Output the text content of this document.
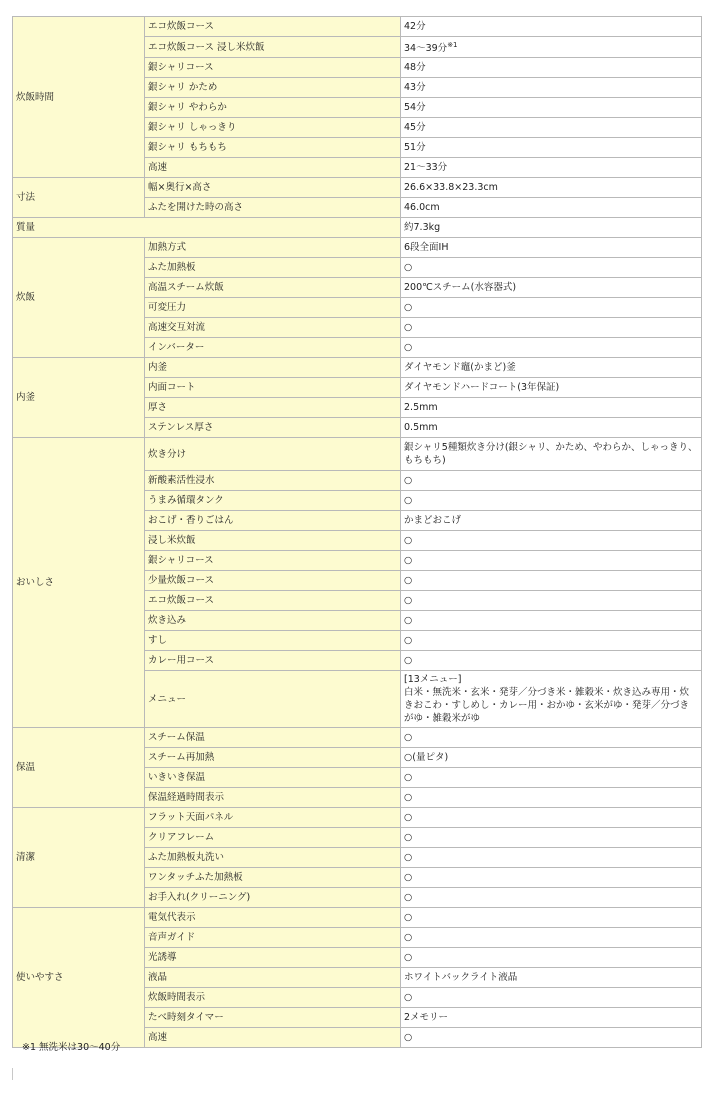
炊飯時間	エコ炊飯コース	42分
	エコ炊飯コース 浸し米炊飯	34〜39分$^{※1}$
	銀シャリコース	48分
	銀シャリ かため	43分
	銀シャリ やわらか	54分
	銀シャリ しゃっきり	45分
	銀シャリ もちもち	51分
	高速	21〜33分
寸法	幅×奥行×高さ	26.6×33.8×23.3cm
	ふたを開けた時の高さ	46.0cm
質量		約7.3kg
炊飯	加熱方式	6段全面IH
	ふた加熱板	○
	高温スチーム炊飯	200℃スチーム(水容器式)
	可変圧力	○
	高速交互対流	○
	インバーター	○
内釜	内釜	ダイヤモンド竈(かまど)釜
	内面コート	ダイヤモンドハードコート(3年保証)
	厚さ	2.5mm
	ステンレス厚さ	0.5mm
おいしさ	炊き分け	銀シャリ5種類炊き分け(銀シャリ、かため、やわらか、しゃっきり、もちもち)
	新酸素活性浸水	○
	うまみ循環タンク	○
	おこげ・香りごはん	かまどおこげ
	浸し米炊飯	○
	銀シャリコース	○
	少量炊飯コース	○
	エコ炊飯コース	○
	炊き込み	○
	すし	○
	カレー用コース	○
	メニュー	[13メニュー]
白米・無洗米・玄米・発芽／分づき米・雑穀米・炊き込み専用・炊きおこわ・すしめし・カレー用・おかゆ・玄米がゆ・発芽／分づきがゆ・雑穀米がゆ
保温	スチーム保温	○
	スチーム再加熱	○(量ピタ)
	いきいき保温	○
	保温経過時間表示	○
清潔	フラット天面パネル	○
	クリアフレーム	○
	ふた加熱板丸洗い	○
	ワンタッチふた加熱板	○
	お手入れ(クリーニング)	○
使いやすさ	電気代表示	○
	音声ガイド	○
	光誘導	○
	液晶	ホワイトバックライト液晶
	炊飯時間表示	○
	たべ時刻タイマー	2メモリー
	高速	○
※1 無洗米は30〜40分
